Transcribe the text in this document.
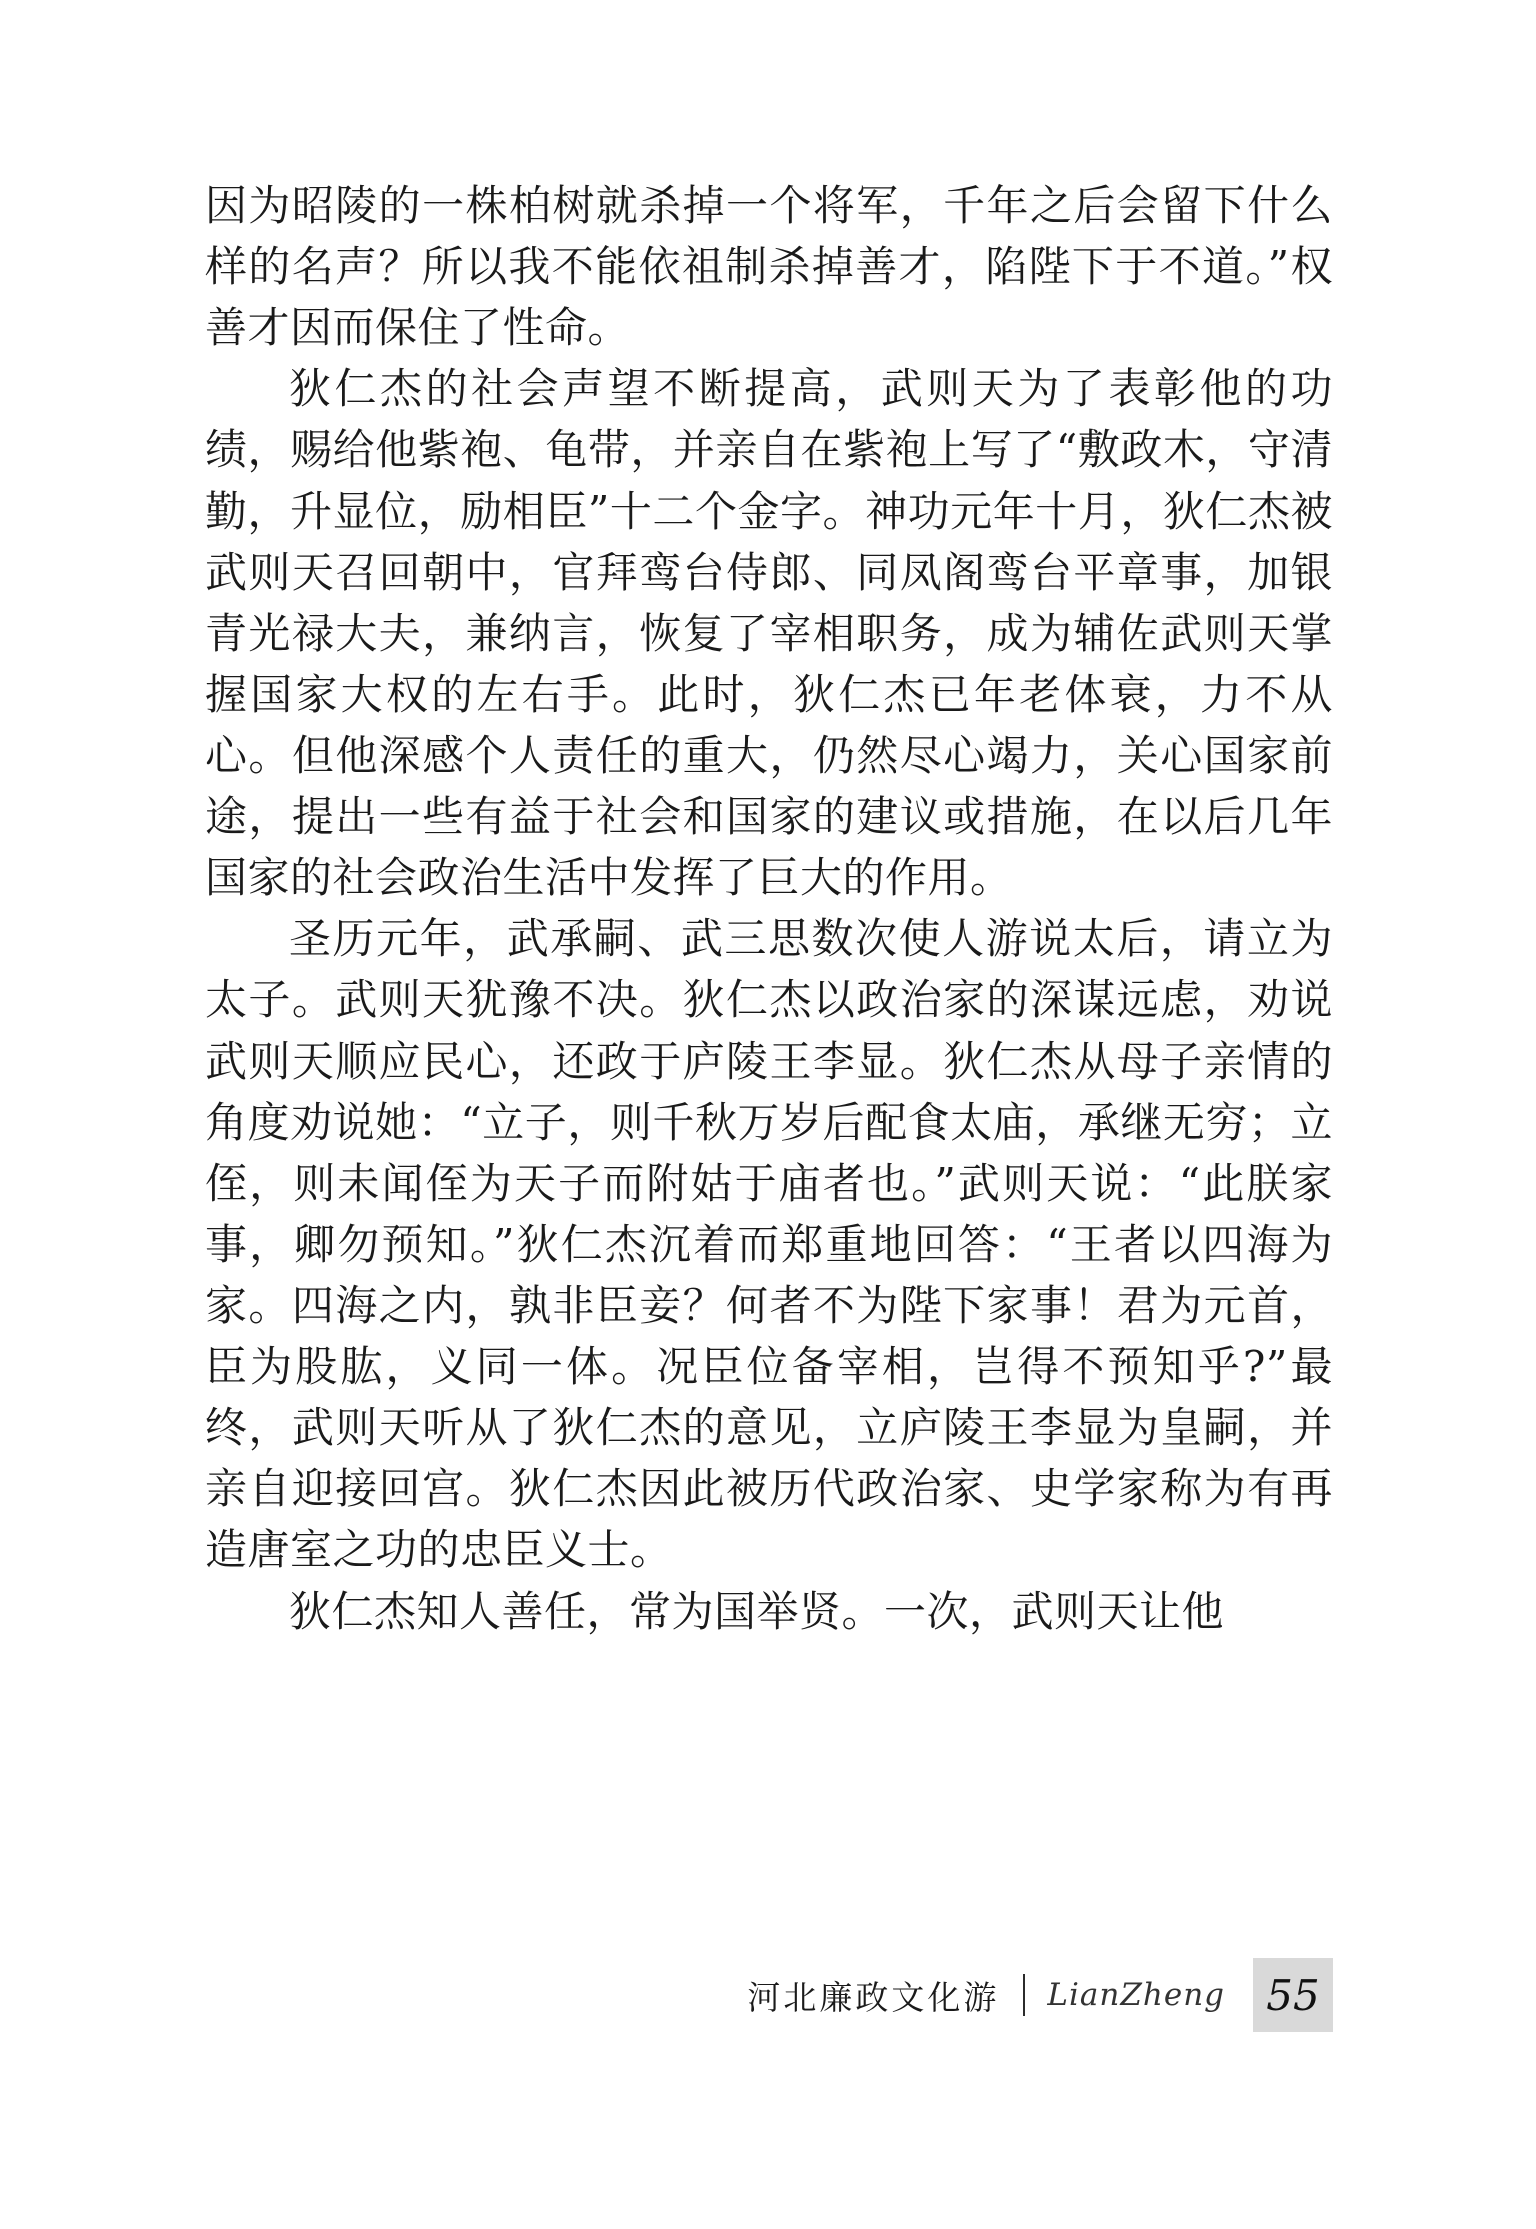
因为昭陵的一株柏树就杀掉一个将军，千年之后会留下什么样的名声？所以我不能依祖制杀掉善才，陷陛下于不道。”权善才因而保住了性命。

狄仁杰的社会声望不断提高，武则天为了表彰他的功绩，赐给他紫袍、龟带，并亲自在紫袍上写了“敷政木，守清勤，升显位，励相臣”十二个金字。神功元年十月，狄仁杰被武则天召回朝中，官拜鸾台侍郎、同凤阁鸾台平章事，加银青光禄大夫，兼纳言，恢复了宰相职务，成为辅佐武则天掌握国家大权的左右手。此时，狄仁杰已年老体衰，力不从心。但他深感个人责任的重大，仍然尽心竭力，关心国家前途，提出一些有益于社会和国家的建议或措施，在以后几年国家的社会政治生活中发挥了巨大的作用。

圣历元年，武承嗣、武三思数次使人游说太后，请立为太子。武则天犹豫不决。狄仁杰以政治家的深谋远虑，劝说武则天顺应民心，还政于庐陵王李显。狄仁杰从母子亲情的角度劝说她：“立子，则千秋万岁后配食太庙，承继无穷；立侄，则未闻侄为天子而附姑于庙者也。”武则天说：“此朕家事，卿勿预知。”狄仁杰沉着而郑重地回答：“王者以四海为家。四海之内，孰非臣妾？何者不为陛下家事！君为元首，臣为股肱，义同一体。况臣位备宰相，岂得不预知乎?”最终，武则天听从了狄仁杰的意见，立庐陵王李显为皇嗣，并亲自迎接回宫。狄仁杰因此被历代政治家、史学家称为有再造唐室之功的忠臣义士。

狄仁杰知人善任，常为国举贤。一次，武则天让他

河北廉政文化游 LianZheng 55
